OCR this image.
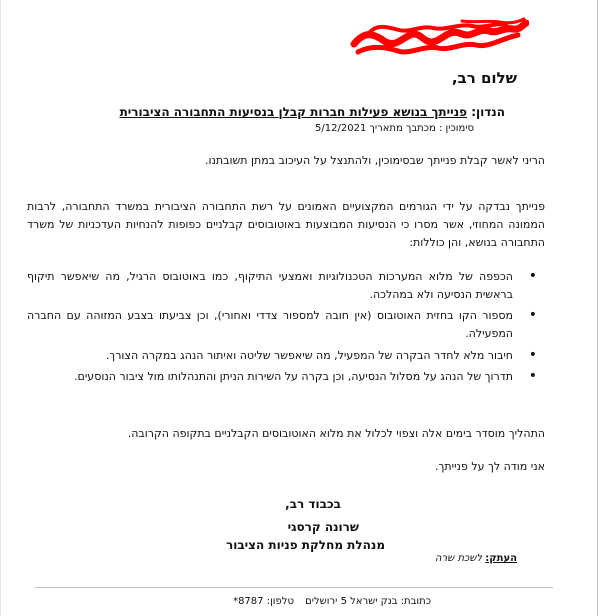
שלום רב,
הנדון: פנייתך בנושא פעילות חברות קבלן בנסיעות התחבורה הציבורית
סימוכין : מכתבך מתאריך 5/12/2021

הריני לאשר קבלת פנייתך שבסימוכין, ולהתנצל על העיכוב במתן תשובתנו.

פנייתך נבדקה על ידי הגורמים המקצועיים האמונים על רשת התחבורה הציבורית במשרד התחבורה, לרבות הממונה המחוזי, אשר מסרו כי הנסיעות המבוצעות באוטובוסים קבלניים כפופות להנחיות העדכניות של משרד התחבורה בנושא, והן כוללות:

• הכפפה של מלוא המערכות הטכנולוגיות ואמצעי התיקוף, כמו באוטובוס הרגיל, מה שיאפשר תיקוף בראשית הנסיעה ולא במהלכה.
• מספור הקו בחזית האוטובוס (אין חובה למספור צדדי ואחורי), וכן צביעתו בצבע המזוהה עם החברה המפעילה.
• חיבור מלא לחדר הבקרה של המפעיל, מה שיאפשר שליטה ואיתור הנהג במקרה הצורך.
• תדרוך של הנהג על מסלול הנסיעה, וכן בקרה על השירות הניתן והתנהלותו מול ציבור הנוסעים.

התהליך מוסדר בימים אלה וצפוי לכלול את מלוא האוטובוסים הקבלניים בתקופה הקרובה.

אני מודה לך על פנייתך.

בכבוד רב,
שרונה קרסגי
מנהלת מחלקת פניות הציבור
העתק: לשכת שרה
כתובת: בנק ישראל 5 ירושלים טלפון: 8787*
